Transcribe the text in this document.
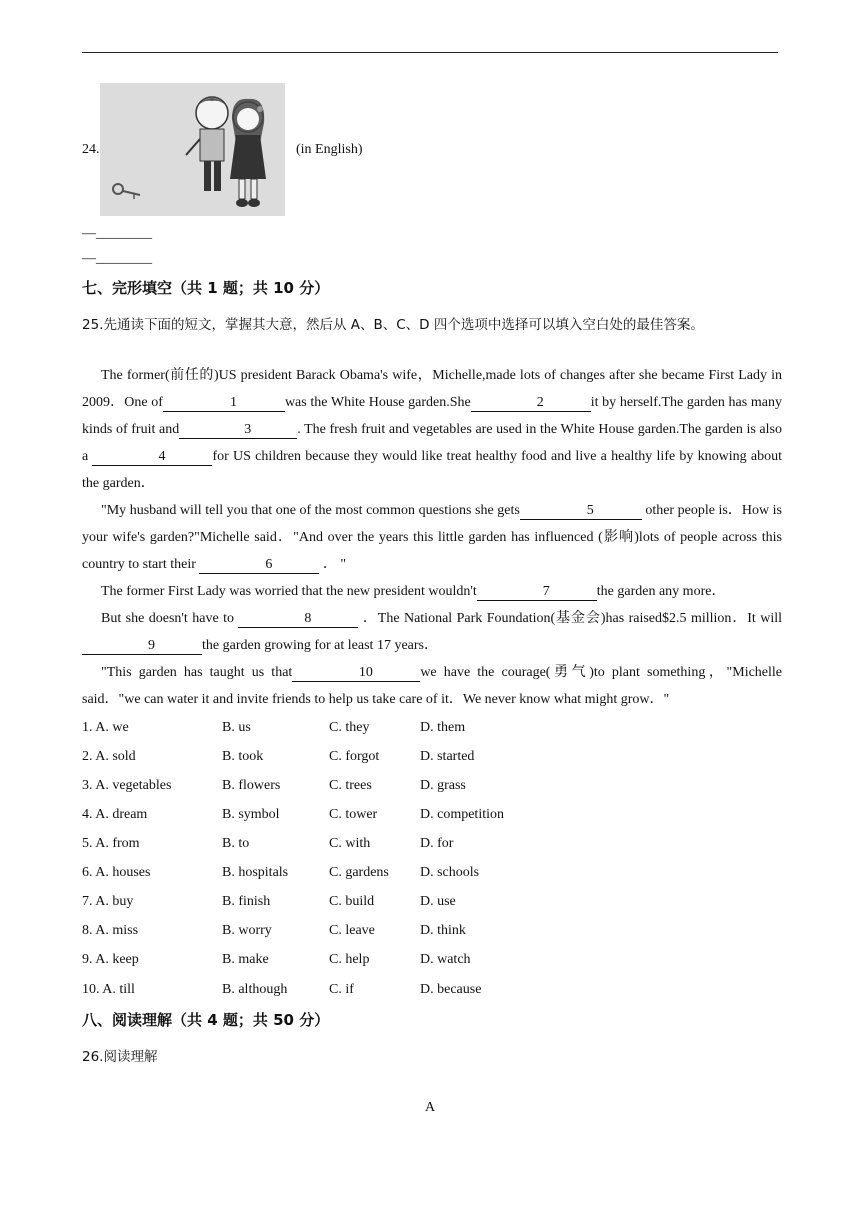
24.	(in English)
—________
—________
七、完形填空（共 1 题；共 10 分）
25.先通读下面的短文，掌握其大意，然后从 A、B、C、D 四个选项中选择可以填入空白处的最佳答案。

The former(前任的)US president Barack Obama's wife，Michelle,made lots of changes after she became First Lady in 2009．One of	1	was the White House garden.She	2	it by herself.The garden has many kinds of fruit and	3	. The fresh fruit and vegetables are used in the White House garden.The garden is also a	4	for US children because they would like treat healthy food and live a healthy life by knowing about the garden．

"My husband will tell you that one of the most common questions she gets	5	other people is．How is your wife's garden?"Michelle said．"And over the years this little garden has influenced (影响)lots of people across this country to start their	6	． "

The former First Lady was worried that the new president wouldn't	7	the garden any more．

But she doesn't have to	8	．The National Park Foundation(基金会)has raised$2.5 million．It will 9	the garden growing for at least 17 years．

"This garden has taught us that	10	we have the courage(勇气)to plant something，"Michelle said．"we can water it and invite friends to help us take care of it．We never know what might grow．"

1. A. we	B. us	C. they	D. them
2. A. sold	B. took	C. forgot	D. started
3. A. vegetables	B. flowers	C. trees	D. grass
4. A. dream	B. symbol	C. tower	D. competition
5. A. from	B. to	C. with	D. for
6. A. houses	B. hospitals	C. gardens D. schools
7. A. buy	B. finish	C. build	D. use
8. A. miss	B. worry	C. leave	D. think
9. A. keep	B. make	C. help	D. watch
10. A. till	B. although	C. if	D. because
八、阅读理解（共 4 题；共 50 分）
26.阅读理解
A
